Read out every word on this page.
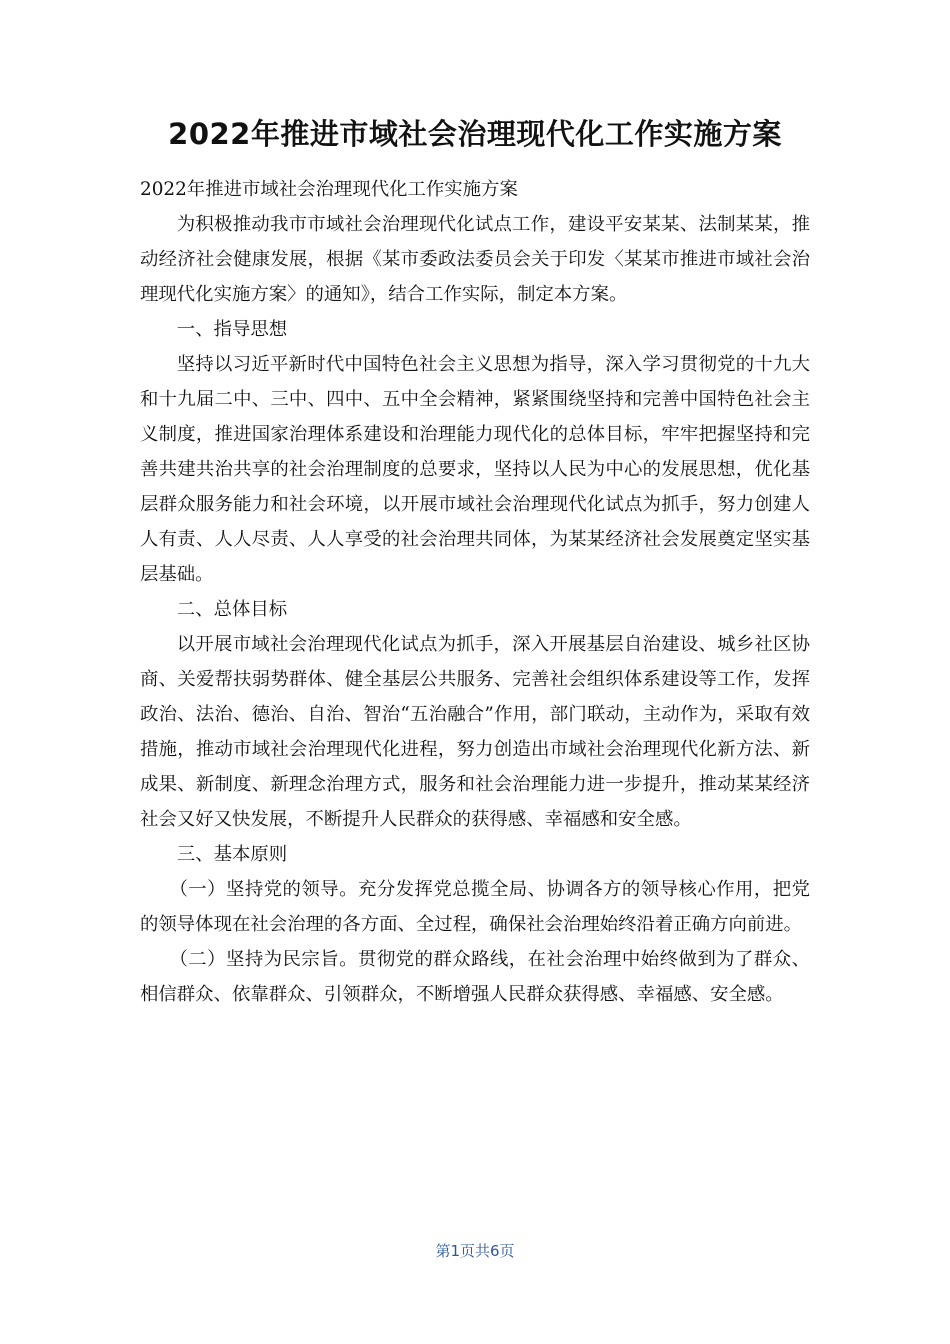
2022年推进市域社会治理现代化工作实施方案

2022年推进市域社会治理现代化工作实施方案

为积极推动我市市域社会治理现代化试点工作，建设平安某某、法制某某，推动经济社会健康发展，根据《某市委政法委员会关于印发〈某某市推进市域社会治理现代化实施方案〉的通知》，结合工作实际，制定本方案。

一、指导思想

坚持以习近平新时代中国特色社会主义思想为指导，深入学习贯彻党的十九大和十九届二中、三中、四中、五中全会精神，紧紧围绕坚持和完善中国特色社会主义制度，推进国家治理体系建设和治理能力现代化的总体目标，牢牢把握坚持和完善共建共治共享的社会治理制度的总要求，坚持以人民为中心的发展思想，优化基层群众服务能力和社会环境，以开展市域社会治理现代化试点为抓手，努力创建人人有责、人人尽责、人人享受的社会治理共同体，为某某经济社会发展奠定坚实基层基础。

二、总体目标

以开展市域社会治理现代化试点为抓手，深入开展基层自治建设、城乡社区协商、关爱帮扶弱势群体、健全基层公共服务、完善社会组织体系建设等工作，发挥政治、法治、德治、自治、智治“五治融合”作用，部门联动，主动作为，采取有效措施，推动市域社会治理现代化进程，努力创造出市域社会治理现代化新方法、新成果、新制度、新理念治理方式，服务和社会治理能力进一步提升，推动某某经济社会又好又快发展，不断提升人民群众的获得感、幸福感和安全感。

三、基本原则

（一）坚持党的领导。充分发挥党总揽全局、协调各方的领导核心作用，把党的领导体现在社会治理的各方面、全过程，确保社会治理始终沿着正确方向前进。

（二）坚持为民宗旨。贯彻党的群众路线，在社会治理中始终做到为了群众、相信群众、依靠群众、引领群众，不断增强人民群众获得感、幸福感、安全感。

第1页共6页
